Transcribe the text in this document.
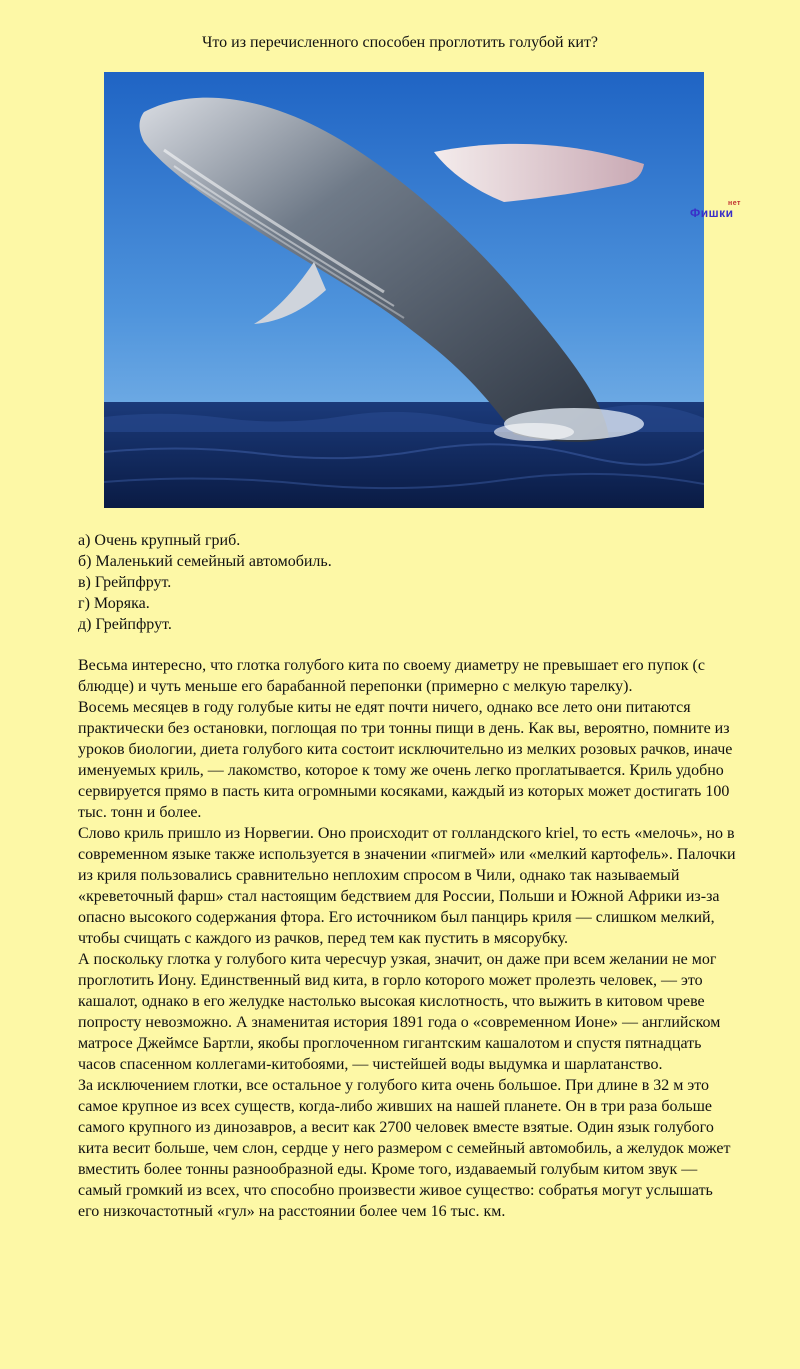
Что из перечисленного способен проглотить голубой кит?
Фишки
нет
а) Очень крупный гриб.
б) Маленький семейный автомобиль.
в) Грейпфрут.
г) Моряка.
д) Грейпфрут.

Весьма интересно, что глотка голубого кита по своему диаметру не превышает его пупок (с блюдце) и чуть меньше его барабанной перепонки (примерно с мелкую тарелку).

Восемь месяцев в году голубые киты не едят почти ничего, однако все лето они питаются практически без остановки, поглощая по три тонны пищи в день. Как вы, вероятно, помните из уроков биологии, диета голубого кита состоит исключительно из мелких розовых рачков, иначе именуемых криль, — лакомство, которое к тому же очень легко проглатывается. Криль удобно сервируется прямо в пасть кита огромными косяками, каждый из которых может достигать 100 тыс. тонн и более.

Слово криль пришло из Норвегии. Оно происходит от голландского kriel, то есть «мелочь», но в современном языке также используется в значении «пигмей» или «мелкий картофель». Палочки из криля пользовались сравнительно неплохим спросом в Чили, однако так называемый «креветочный фарш» стал настоящим бедствием для России, Польши и Южной Африки из-за опасно высокого содержания фтора. Его источником был панцирь криля — слишком мелкий, чтобы счищать с каждого из рачков, перед тем как пустить в мясорубку.

А поскольку глотка у голубого кита чересчур узкая, значит, он даже при всем желании не мог проглотить Иону. Единственный вид кита, в горло которого может пролезть человек, — это кашалот, однако в его желудке настолько высокая кислотность, что выжить в китовом чреве попросту невозможно. А знаменитая история 1891 года о «современном Ионе» — английском матросе Джеймсе Бартли, якобы проглоченном гигантским кашалотом и спустя пятнадцать часов спасенном коллегами-китобоями, — чистейшей воды выдумка и шарлатанство.

За исключением глотки, все остальное у голубого кита очень большое. При длине в 32 м это самое крупное из всех существ, когда-либо живших на нашей планете. Он в три раза больше самого крупного из динозавров, а весит как 2700 человек вместе взятые. Один язык голубого кита весит больше, чем слон, сердце у него размером с семейный автомобиль, а желудок может вместить более тонны разнообразной еды. Кроме того, издаваемый голубым китом звук — самый громкий из всех, что способно произвести живое существо: собратья могут услышать его низкочастотный «гул» на расстоянии более чем 16 тыс. км.
